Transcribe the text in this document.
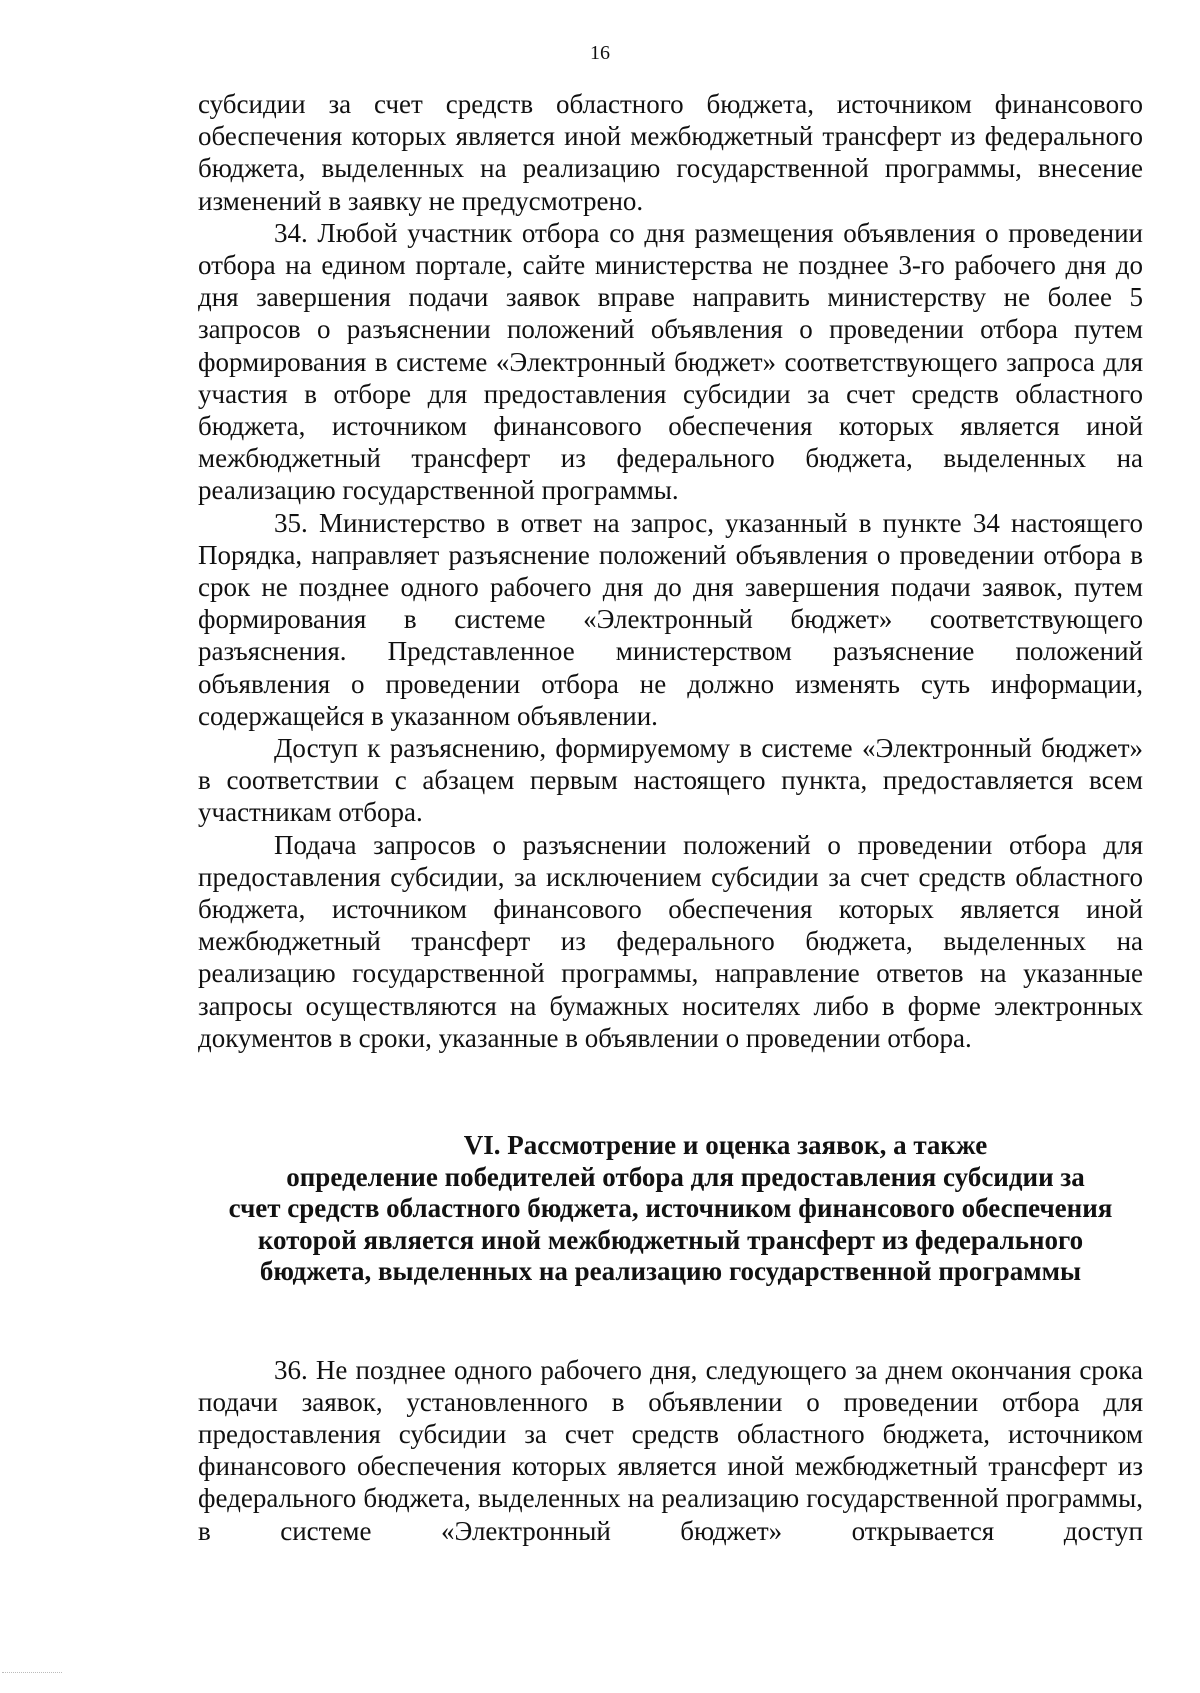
16

субсидии за счет средств областного бюджета, источником финансового обеспечения которых является иной межбюджетный трансферт из федерального бюджета, выделенных на реализацию государственной программы, внесение изменений в заявку не предусмотрено.

34. Любой участник отбора со дня размещения объявления о проведении отбора на едином портале, сайте министерства не позднее 3-го рабочего дня до дня завершения подачи заявок вправе направить министерству не более 5 запросов о разъяснении положений объявления о проведении отбора путем формирования в системе «Электронный бюджет» соответствующего запроса для участия в отборе для предоставления субсидии за счет средств областного бюджета, источником финансового обеспечения которых является иной межбюджетный трансферт из федерального бюджета, выделенных на реализацию государственной программы.

35. Министерство в ответ на запрос, указанный в пункте 34 настоящего Порядка, направляет разъяснение положений объявления о проведении отбора в срок не позднее одного рабочего дня до дня завершения подачи заявок, путем формирования в системе «Электронный бюджет» соответствующего разъяснения. Представленное министерством разъяснение положений объявления о проведении отбора не должно изменять суть информации, содержащейся в указанном объявлении.

Доступ к разъяснению, формируемому в системе «Электронный бюджет» в соответствии с абзацем первым настоящего пункта, предоставляется всем участникам отбора.

Подача запросов о разъяснении положений о проведении отбора для предоставления субсидии, за исключением субсидии за счет средств областного бюджета, источником финансового обеспечения которых является иной межбюджетный трансферт из федерального бюджета, выделенных на реализацию государственной программы, направление ответов на указанные запросы осуществляются на бумажных носителях либо в форме электронных документов в сроки, указанные в объявлении о проведении отбора.

VI. Рассмотрение и оценка заявок, а также
определение победителей отбора для предоставления субсидии за
счет средств областного бюджета, источником финансового обеспечения
которой является иной межбюджетный трансферт из федерального
бюджета, выделенных на реализацию государственной программы

36. Не позднее одного рабочего дня, следующего за днем окончания срока подачи заявок, установленного в объявлении о проведении отбора для предоставления субсидии за счет средств областного бюджета, источником финансового обеспечения которых является иной межбюджетный трансферт из федерального бюджета, выделенных на реализацию государственной программы, в системе «Электронный бюджет» открывается доступ
